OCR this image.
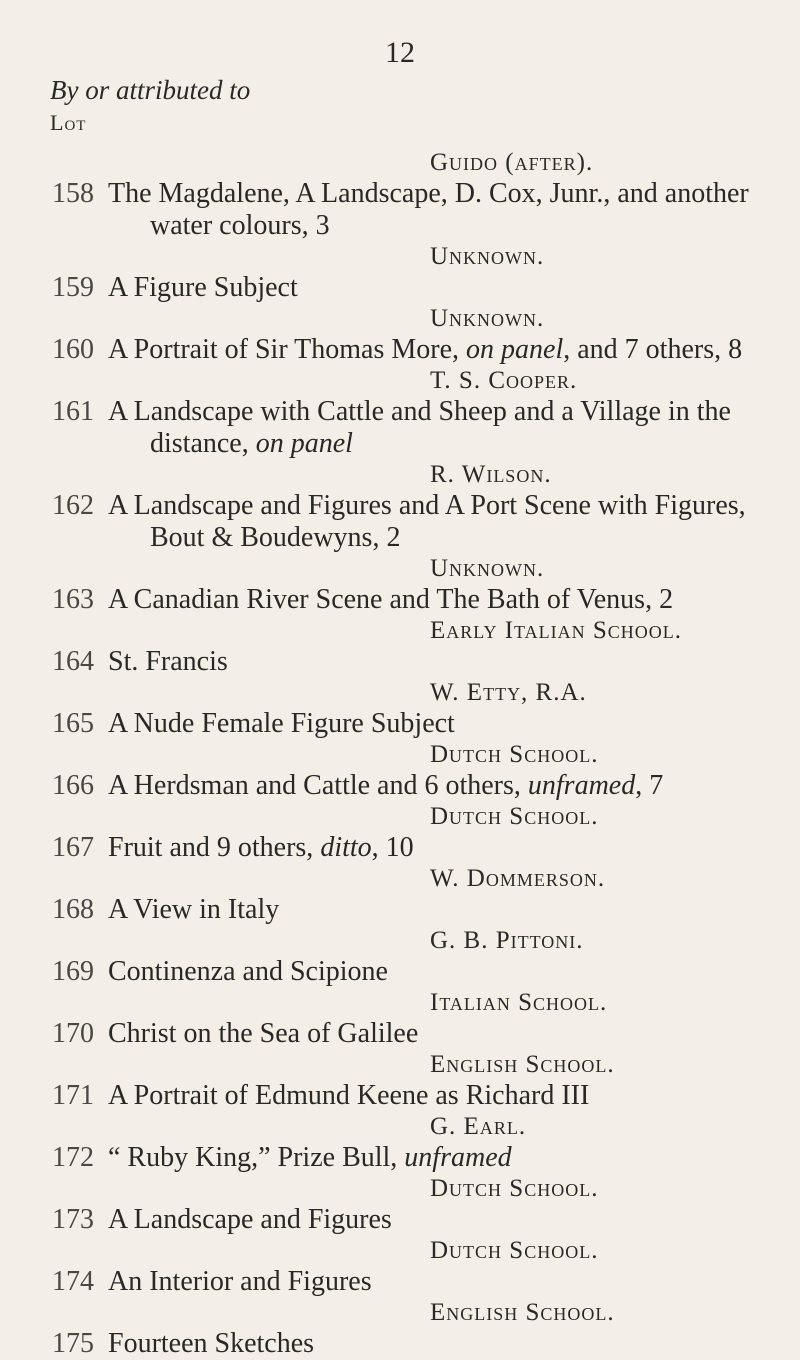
12
By or attributed to
Lot
Guido (after).
158 The Magdalene, A Landscape, D. Cox, Junr., and another
water colours, 3
Unknown.
159 A Figure Subject
Unknown.
160 A Portrait of Sir Thomas More, on panel, and 7 others, 8
T. S. Cooper.
161 A Landscape with Cattle and Sheep and a Village in the
distance, on panel
R. Wilson.
162 A Landscape and Figures and A Port Scene with Figures,
Bout & Boudewyns, 2
Unknown.
163 A Canadian River Scene and The Bath of Venus, 2
Early Italian School.
164 St. Francis
W. Etty, R.A.
165 A Nude Female Figure Subject
Dutch School.
166 A Herdsman and Cattle and 6 others, unframed, 7
Dutch School.
167 Fruit and 9 others, ditto, 10
W. Dommerson.
168 A View in Italy
G. B. Pittoni.
169 Continenza and Scipione
Italian School.
170 Christ on the Sea of Galilee
English School.
171 A Portrait of Edmund Keene as Richard III
G. Earl.
172 “ Ruby King,” Prize Bull, unframed
Dutch School.
173 A Landscape and Figures
Dutch School.
174 An Interior and Figures
English School.
175 Fourteen Sketches
